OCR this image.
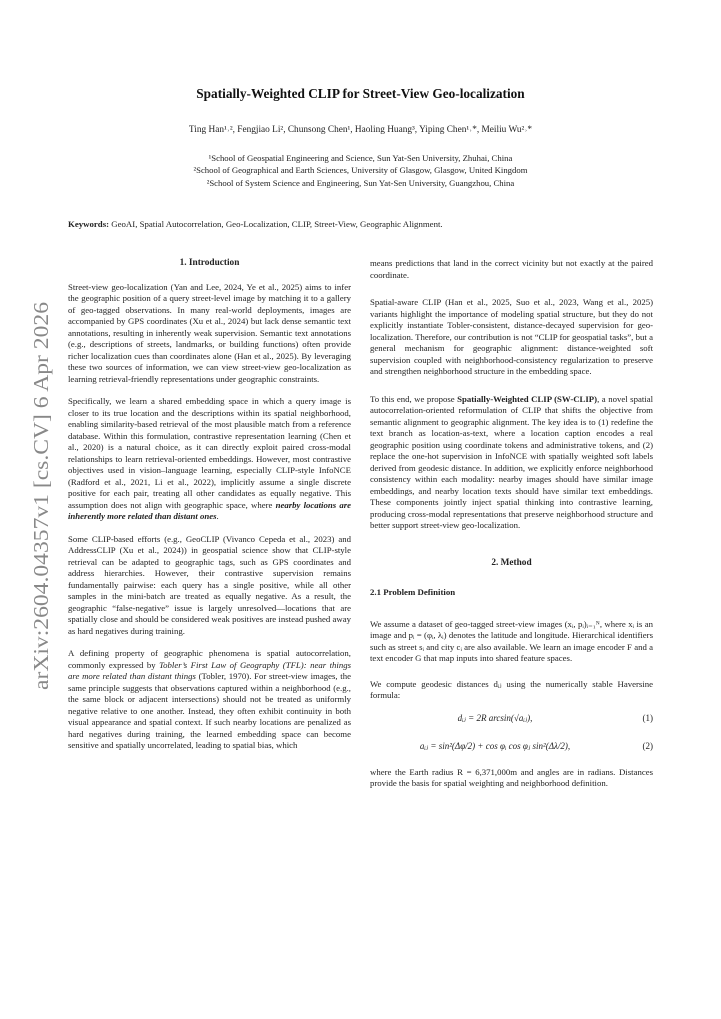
arXiv:2604.04357v1 [cs.CV] 6 Apr 2026
Spatially-Weighted CLIP for Street-View Geo-localization
Ting Han¹˒², Fengjiao Li², Chunsong Chen¹, Haoling Huang³, Yiping Chen¹˒*, Meiliu Wu²˒*
¹School of Geospatial Engineering and Science, Sun Yat-Sen University, Zhuhai, China
²School of Geographical and Earth Sciences, University of Glasgow, Glasgow, United Kingdom
²School of System Science and Engineering, Sun Yat-Sen University, Guangzhou, China
Keywords: GeoAI, Spatial Autocorrelation, Geo-Localization, CLIP, Street-View, Geographic Alignment.
1. Introduction

Street-view geo-localization (Yan and Lee, 2024, Ye et al., 2025) aims to infer the geographic position of a query street-level image by matching it to a gallery of geo-tagged observations. In many real-world deployments, images are accompanied by GPS coordinates (Xu et al., 2024) but lack dense semantic text annotations, resulting in inherently weak supervision. Semantic text annotations (e.g., descriptions of streets, landmarks, or building functions) often provide richer localization cues than coordinates alone (Han et al., 2025). By leveraging these two sources of information, we can view street-view geo-localization as learning retrieval-friendly representations under geographic constraints.

Specifically, we learn a shared embedding space in which a query image is closer to its true location and the descriptions within its spatial neighborhood, enabling similarity-based retrieval of the most plausible match from a reference database. Within this formulation, contrastive representation learning (Chen et al., 2020) is a natural choice, as it can directly exploit paired cross-modal relationships to learn retrieval-oriented embeddings. However, most contrastive objectives used in vision–language learning, especially CLIP-style InfoNCE (Radford et al., 2021, Li et al., 2022), implicitly assume a single discrete positive for each pair, treating all other candidates as equally negative. This assumption does not align with geographic space, where nearby locations are inherently more related than distant ones.

Some CLIP-based efforts (e.g., GeoCLIP (Vivanco Cepeda et al., 2023) and AddressCLIP (Xu et al., 2024)) in geospatial science show that CLIP-style retrieval can be adapted to geographic tags, such as GPS coordinates and address hierarchies. However, their contrastive supervision remains fundamentally pairwise: each query has a single positive, while all other samples in the mini-batch are treated as equally negative. As a result, the geographic “false-negative” issue is largely unresolved—locations that are spatially close and should be considered weak positives are instead pushed away as hard negatives during training.

A defining property of geographic phenomena is spatial autocorrelation, commonly expressed by Tobler’s First Law of Geography (TFL): near things are more related than distant things (Tobler, 1970). For street-view images, the same principle suggests that observations captured within a neighborhood (e.g., the same block or adjacent intersections) should not be treated as uniformly negative relative to one another. Instead, they often exhibit continuity in both visual appearance and spatial context. If such nearby locations are penalized as hard negatives during training, the learned embedding space can become sensitive and spatially uncorrelated, leading to spatial bias, which

means predictions that land in the correct vicinity but not exactly at the paired coordinate.

Spatial-aware CLIP (Han et al., 2025, Suo et al., 2023, Wang et al., 2025) variants highlight the importance of modeling spatial structure, but they do not explicitly instantiate Tobler-consistent, distance-decayed supervision for geo-localization. Therefore, our contribution is not “CLIP for geospatial tasks”, but a general mechanism for geographic alignment: distance-weighted soft supervision coupled with neighborhood-consistency regularization to preserve and strengthen neighborhood structure in the embedding space.

To this end, we propose Spatially-Weighted CLIP (SW-CLIP), a novel spatial autocorrelation-oriented reformulation of CLIP that shifts the objective from semantic alignment to geographic alignment. The key idea is to (1) redefine the text branch as location-as-text, where a location caption encodes a real geographic position using coordinate tokens and administrative tokens, and (2) replace the one-hot supervision in InfoNCE with spatially weighted soft labels derived from geodesic distance. In addition, we explicitly enforce neighborhood consistency within each modality: nearby images should have similar image embeddings, and nearby location texts should have similar text embeddings. These components jointly inject spatial thinking into contrastive learning, producing cross-modal representations that preserve neighborhood structure and better support street-view geo-localization.

2. Method
2.1 Problem Definition

We assume a dataset of geo-tagged street-view images (xᵢ, pᵢ)ᵢ₌₁ᴺ, where xᵢ is an image and pᵢ = (φᵢ, λᵢ) denotes the latitude and longitude. Hierarchical identifiers such as street sᵢ and city cᵢ are also available. We learn an image encoder F and a text encoder G that map inputs into shared feature spaces.

We compute geodesic distances dᵢⱼ using the numerically stable Haversine formula:

dᵢⱼ = 2R arcsin(√aᵢⱼ),	(1)
aᵢⱼ = sin²(Δφ/2) + cos φᵢ cos φⱼ sin²(Δλ/2),	(2)

where the Earth radius R = 6,371,000m and angles are in radians. Distances provide the basis for spatial weighting and neighborhood definition.
